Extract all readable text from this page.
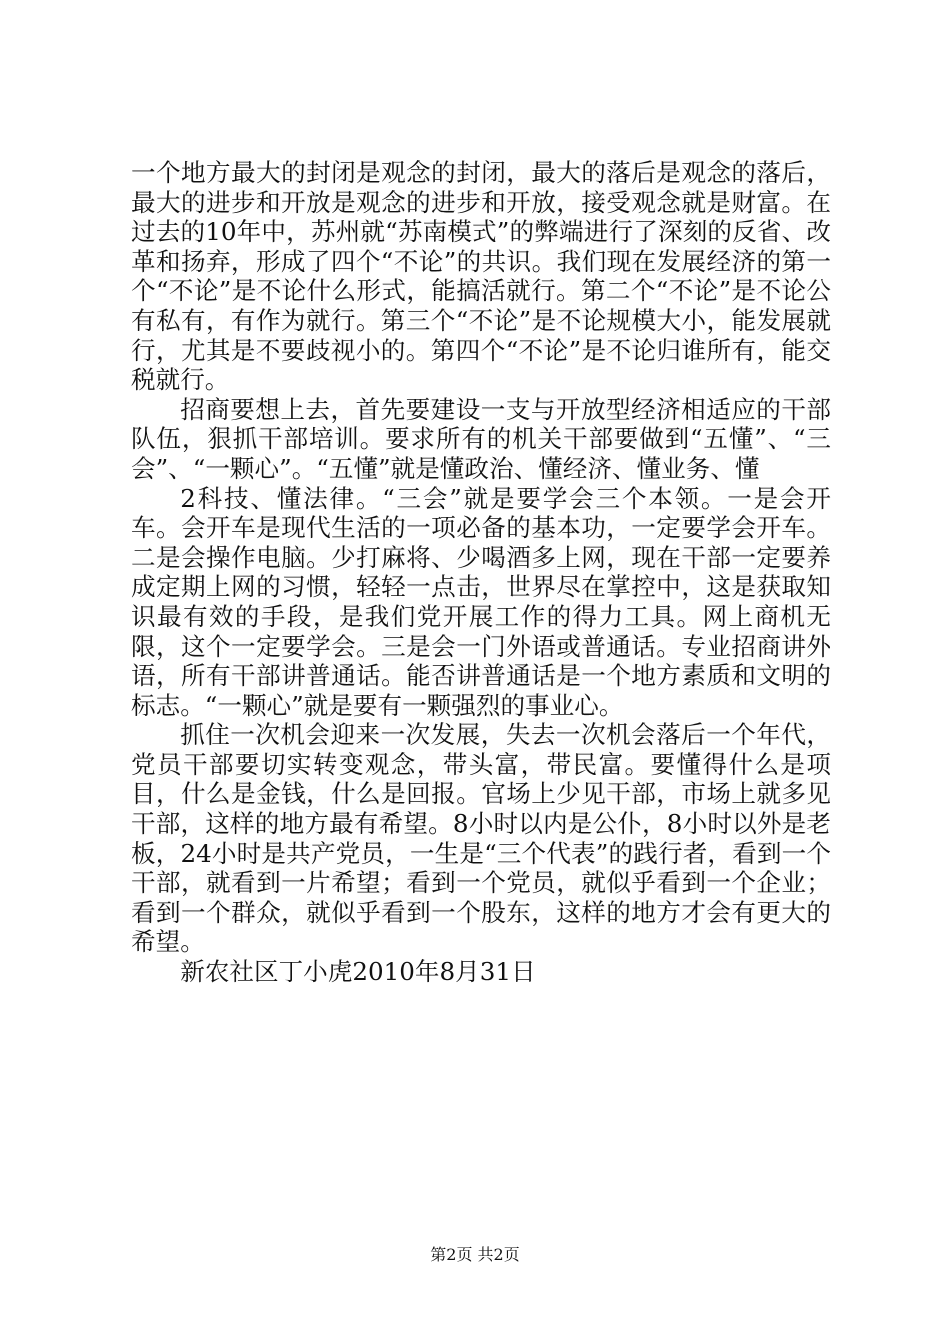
一个地方最大的封闭是观念的封闭，最大的落后是观念的落后，最大的进步和开放是观念的进步和开放，接受观念就是财富。在过去的10年中，苏州就“苏南模式”的弊端进行了深刻的反省、改革和扬弃，形成了四个“不论”的共识。我们现在发展经济的第一个“不论”是不论什么形式，能搞活就行。第二个“不论”是不论公有私有，有作为就行。第三个“不论”是不论规模大小，能发展就行，尤其是不要歧视小的。第四个“不论”是不论归谁所有，能交税就行。

招商要想上去，首先要建设一支与开放型经济相适应的干部队伍，狠抓干部培训。要求所有的机关干部要做到“五懂”、“三会”、“一颗心”。“五懂”就是懂政治、懂经济、懂业务、懂

2科技、懂法律。“三会”就是要学会三个本领。一是会开车。会开车是现代生活的一项必备的基本功，一定要学会开车。二是会操作电脑。少打麻将、少喝酒多上网，现在干部一定要养成定期上网的习惯，轻轻一点击，世界尽在掌控中，这是获取知识最有效的手段，是我们党开展工作的得力工具。网上商机无限，这个一定要学会。三是会一门外语或普通话。专业招商讲外语，所有干部讲普通话。能否讲普通话是一个地方素质和文明的标志。“一颗心”就是要有一颗强烈的事业心。

抓住一次机会迎来一次发展，失去一次机会落后一个年代，党员干部要切实转变观念，带头富，带民富。要懂得什么是项目，什么是金钱，什么是回报。官场上少见干部，市场上就多见干部，这样的地方最有希望。8小时以内是公仆，8小时以外是老板，24小时是共产党员，一生是“三个代表”的践行者，看到一个干部，就看到一片希望；看到一个党员，就似乎看到一个企业；看到一个群众，就似乎看到一个股东，这样的地方才会有更大的希望。

新农社区丁小虎2010年8月31日

第2页 共2页
